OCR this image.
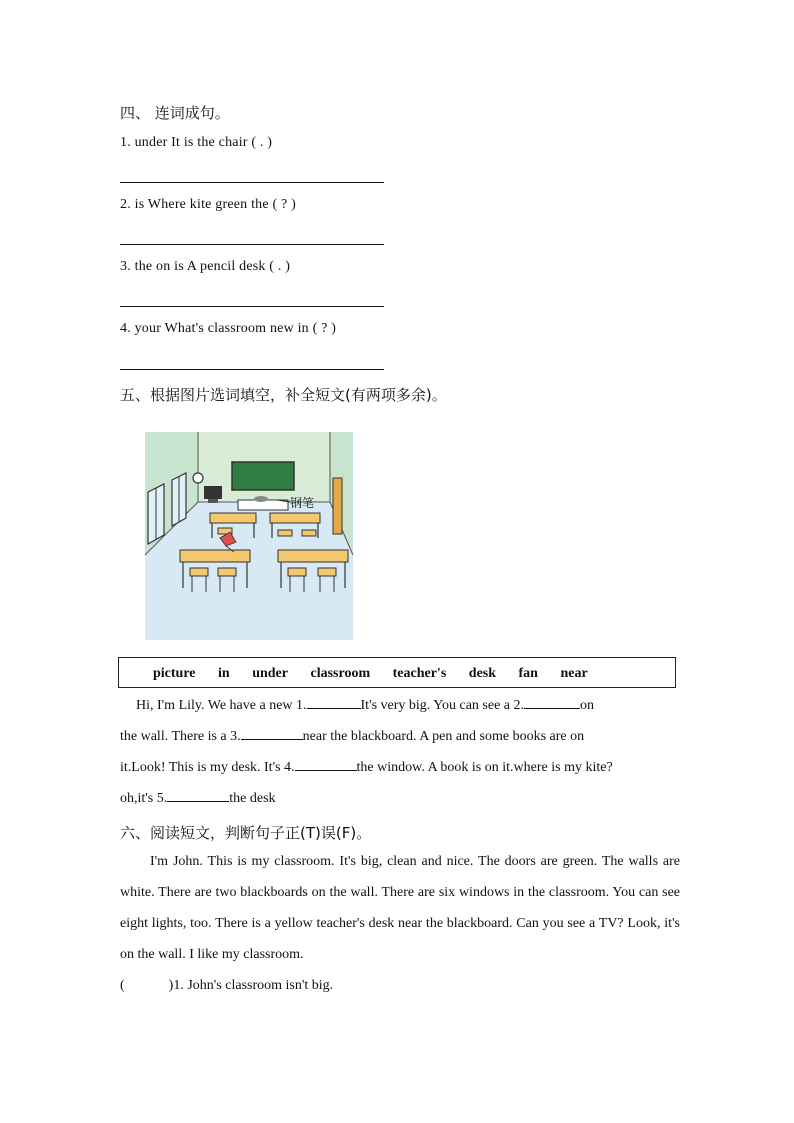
四、 连词成句。
1. under It is the chair ( . )
2. is Where kite green the ( ? )
3. the on is A pencil desk ( . )
4. your What's classroom new in ( ? )
五、根据图片选词填空，补全短文(有两项多余)。
钢笔
picture in under classroom teacher's desk fan near
Hi, I'm Lily. We have a new 1.	It's very big. You can see a 2.	on
the wall. There is a 3.	near the blackboard. A pen and some books are on
it.Look! This is my desk. It's 4.	the window. A book is on it.where is my kite?
oh,it's 5.	the desk
六、阅读短文，判断句子正(T)误(F)。
I'm John. This is my classroom. It's big, clean and nice. The doors are green. The walls are white. There are two blackboards on the wall. There are six windows in the classroom. You can see eight lights, too. There is a yellow teacher's desk near the blackboard. Can you see a TV? Look, it's on the wall. I like my classroom.
(	)1. John's classroom isn't big.
